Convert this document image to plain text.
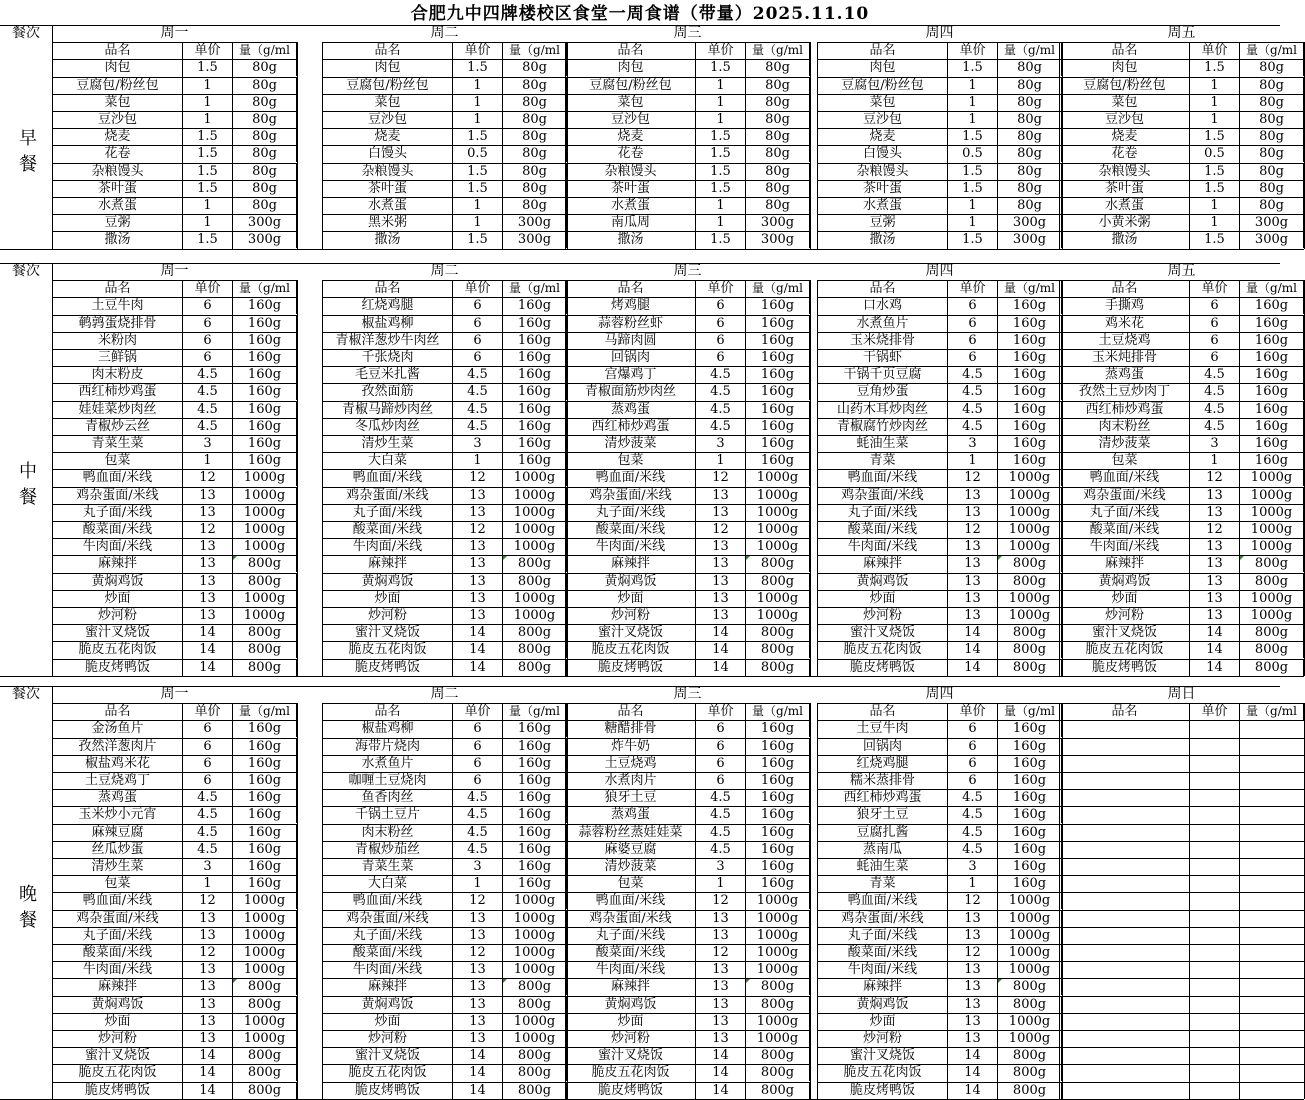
合肥九中四牌楼校区食堂一周食谱（带量）2025.11.10
餐次
早餐
周一
品名	单价	量（g/ml
肉包	1.5	80g
豆腐包/粉丝包	1	80g
菜包	1	80g
豆沙包	1	80g
烧麦	1.5	80g
花卷	1.5	80g
杂粮馒头	1.5	80g
茶叶蛋	1.5	80g
水煮蛋	1	80g
豆粥	1	300g
撒汤	1.5	300g
周二
品名	单价	量（g/ml
肉包	1.5	80g
豆腐包/粉丝包	1	80g
菜包	1	80g
豆沙包	1	80g
烧麦	1.5	80g
白馒头	0.5	80g
杂粮馒头	1.5	80g
茶叶蛋	1.5	80g
水煮蛋	1	80g
黑米粥	1	300g
撒汤	1.5	300g
周三
品名	单价	量（g/ml
肉包	1.5	80g
豆腐包/粉丝包	1	80g
菜包	1	80g
豆沙包	1	80g
烧麦	1.5	80g
花卷	1.5	80g
杂粮馒头	1.5	80g
茶叶蛋	1.5	80g
水煮蛋	1	80g
南瓜周	1	300g
撒汤	1.5	300g
周四
品名	单价	量（g/ml
肉包	1.5	80g
豆腐包/粉丝包	1	80g
菜包	1	80g
豆沙包	1	80g
烧麦	1.5	80g
白馒头	0.5	80g
杂粮馒头	1.5	80g
茶叶蛋	1.5	80g
水煮蛋	1	80g
豆粥	1	300g
撒汤	1.5	300g
周五
品名	单价	量（g/ml
肉包	1.5	80g
豆腐包/粉丝包	1	80g
菜包	1	80g
豆沙包	1	80g
烧麦	1.5	80g
花卷	0.5	80g
杂粮馒头	1.5	80g
茶叶蛋	1.5	80g
水煮蛋	1	80g
小黄米粥	1	300g
撒汤	1.5	300g
餐次
中餐
周一
品名	单价	量（g/ml
土豆牛肉	6	160g
鹌鹑蛋烧排骨	6	160g
米粉肉	6	160g
三鲜锅	6	160g
肉末粉皮	4.5	160g
西红柿炒鸡蛋	4.5	160g
娃娃菜炒肉丝	4.5	160g
青椒炒云丝	4.5	160g
青菜生菜	3	160g
包菜	1	160g
鸭血面/米线	12	1000g
鸡杂蛋面/米线	13	1000g
丸子面/米线	13	1000g
酸菜面/米线	12	1000g
牛肉面/米线	13	1000g
麻辣拌	13	800g
黄焖鸡饭	13	800g
炒面	13	1000g
炒河粉	13	1000g
蜜汁叉烧饭	14	800g
脆皮五花肉饭	14	800g
脆皮烤鸭饭	14	800g
周二
品名	单价	量（g/ml
红烧鸡腿	6	160g
椒盐鸡柳	6	160g
青椒洋葱炒牛肉丝	6	160g
千张烧肉	6	160g
毛豆米扎酱	4.5	160g
孜然面筋	4.5	160g
青椒马蹄炒肉丝	4.5	160g
冬瓜炒肉丝	4.5	160g
清炒生菜	3	160g
大白菜	1	160g
鸭血面/米线	12	1000g
鸡杂蛋面/米线	13	1000g
丸子面/米线	13	1000g
酸菜面/米线	12	1000g
牛肉面/米线	13	1000g
麻辣拌	13	800g
黄焖鸡饭	13	800g
炒面	13	1000g
炒河粉	13	1000g
蜜汁叉烧饭	14	800g
脆皮五花肉饭	14	800g
脆皮烤鸭饭	14	800g
周三
品名	单价	量（g/ml
烤鸡腿	6	160g
蒜蓉粉丝虾	6	160g
马蹄肉圆	6	160g
回锅肉	6	160g
宫爆鸡丁	4.5	160g
青椒面筋炒肉丝	4.5	160g
蒸鸡蛋	4.5	160g
西红柿炒鸡蛋	4.5	160g
清炒菠菜	3	160g
包菜	1	160g
鸭血面/米线	12	1000g
鸡杂蛋面/米线	13	1000g
丸子面/米线	13	1000g
酸菜面/米线	12	1000g
牛肉面/米线	13	1000g
麻辣拌	13	800g
黄焖鸡饭	13	800g
炒面	13	1000g
炒河粉	13	1000g
蜜汁叉烧饭	14	800g
脆皮五花肉饭	14	800g
脆皮烤鸭饭	14	800g
周四
品名	单价	量（g/ml
口水鸡	6	160g
水煮鱼片	6	160g
玉米烧排骨	6	160g
干锅虾	6	160g
干锅千页豆腐	4.5	160g
豆角炒蛋	4.5	160g
山药木耳炒肉丝	4.5	160g
青椒腐竹炒肉丝	4.5	160g
蚝油生菜	3	160g
青菜	1	160g
鸭血面/米线	12	1000g
鸡杂蛋面/米线	13	1000g
丸子面/米线	13	1000g
酸菜面/米线	12	1000g
牛肉面/米线	13	1000g
麻辣拌	13	800g
黄焖鸡饭	13	800g
炒面	13	1000g
炒河粉	13	1000g
蜜汁叉烧饭	14	800g
脆皮五花肉饭	14	800g
脆皮烤鸭饭	14	800g
周五
品名	单价	量（g/ml
手撕鸡	6	160g
鸡米花	6	160g
土豆烧鸡	6	160g
玉米炖排骨	6	160g
蒸鸡蛋	4.5	160g
孜然土豆炒肉丁	4.5	160g
西红柿炒鸡蛋	4.5	160g
肉末粉丝	4.5	160g
清炒菠菜	3	160g
包菜	1	160g
鸭血面/米线	12	1000g
鸡杂蛋面/米线	13	1000g
丸子面/米线	13	1000g
酸菜面/米线	12	1000g
牛肉面/米线	13	1000g
麻辣拌	13	800g
黄焖鸡饭	13	800g
炒面	13	1000g
炒河粉	13	1000g
蜜汁叉烧饭	14	800g
脆皮五花肉饭	14	800g
脆皮烤鸭饭	14	800g
餐次
晚餐
周一
品名	单价	量（g/ml
金汤鱼片	6	160g
孜然洋葱肉片	6	160g
椒盐鸡米花	6	160g
土豆烧鸡丁	6	160g
蒸鸡蛋	4.5	160g
玉米炒小元宵	4.5	160g
麻辣豆腐	4.5	160g
丝瓜炒蛋	4.5	160g
清炒生菜	3	160g
包菜	1	160g
鸭血面/米线	12	1000g
鸡杂蛋面/米线	13	1000g
丸子面/米线	13	1000g
酸菜面/米线	12	1000g
牛肉面/米线	13	1000g
麻辣拌	13	800g
黄焖鸡饭	13	800g
炒面	13	1000g
炒河粉	13	1000g
蜜汁叉烧饭	14	800g
脆皮五花肉饭	14	800g
脆皮烤鸭饭	14	800g
周二
品名	单价	量（g/ml
椒盐鸡柳	6	160g
海带片烧肉	6	160g
水煮鱼片	6	160g
咖喱土豆烧肉	6	160g
鱼香肉丝	4.5	160g
千锅土豆片	4.5	160g
肉末粉丝	4.5	160g
青椒炒茄丝	4.5	160g
青菜生菜	3	160g
大白菜	1	160g
鸭血面/米线	12	1000g
鸡杂蛋面/米线	13	1000g
丸子面/米线	13	1000g
酸菜面/米线	12	1000g
牛肉面/米线	13	1000g
麻辣拌	13	800g
黄焖鸡饭	13	800g
炒面	13	1000g
炒河粉	13	1000g
蜜汁叉烧饭	14	800g
脆皮五花肉饭	14	800g
脆皮烤鸭饭	14	800g
周三
品名	单价	量（g/ml
糖醋排骨	6	160g
炸牛奶	6	160g
土豆烧鸡	6	160g
水煮肉片	6	160g
狼牙土豆	4.5	160g
蒸鸡蛋	4.5	160g
蒜蓉粉丝蒸娃娃菜	4.5	160g
麻婆豆腐	4.5	160g
清炒菠菜	3	160g
包菜	1	160g
鸭血面/米线	12	1000g
鸡杂蛋面/米线	13	1000g
丸子面/米线	13	1000g
酸菜面/米线	12	1000g
牛肉面/米线	13	1000g
麻辣拌	13	800g
黄焖鸡饭	13	800g
炒面	13	1000g
炒河粉	13	1000g
蜜汁叉烧饭	14	800g
脆皮五花肉饭	14	800g
脆皮烤鸭饭	14	800g
周四
品名	单价	量（g/ml
土豆牛肉	6	160g
回锅肉	6	160g
红烧鸡腿	6	160g
糯米蒸排骨	6	160g
西红柿炒鸡蛋	4.5	160g
狼牙土豆	4.5	160g
豆腐扎酱	4.5	160g
蒸南瓜	4.5	160g
蚝油生菜	3	160g
青菜	1	160g
鸭血面/米线	12	1000g
鸡杂蛋面/米线	13	1000g
丸子面/米线	13	1000g
酸菜面/米线	12	1000g
牛肉面/米线	13	1000g
麻辣拌	13	800g
黄焖鸡饭	13	800g
炒面	13	1000g
炒河粉	13	1000g
蜜汁叉烧饭	14	800g
脆皮五花肉饭	14	800g
脆皮烤鸭饭	14	800g
周日
品名	单价	量（g/ml
